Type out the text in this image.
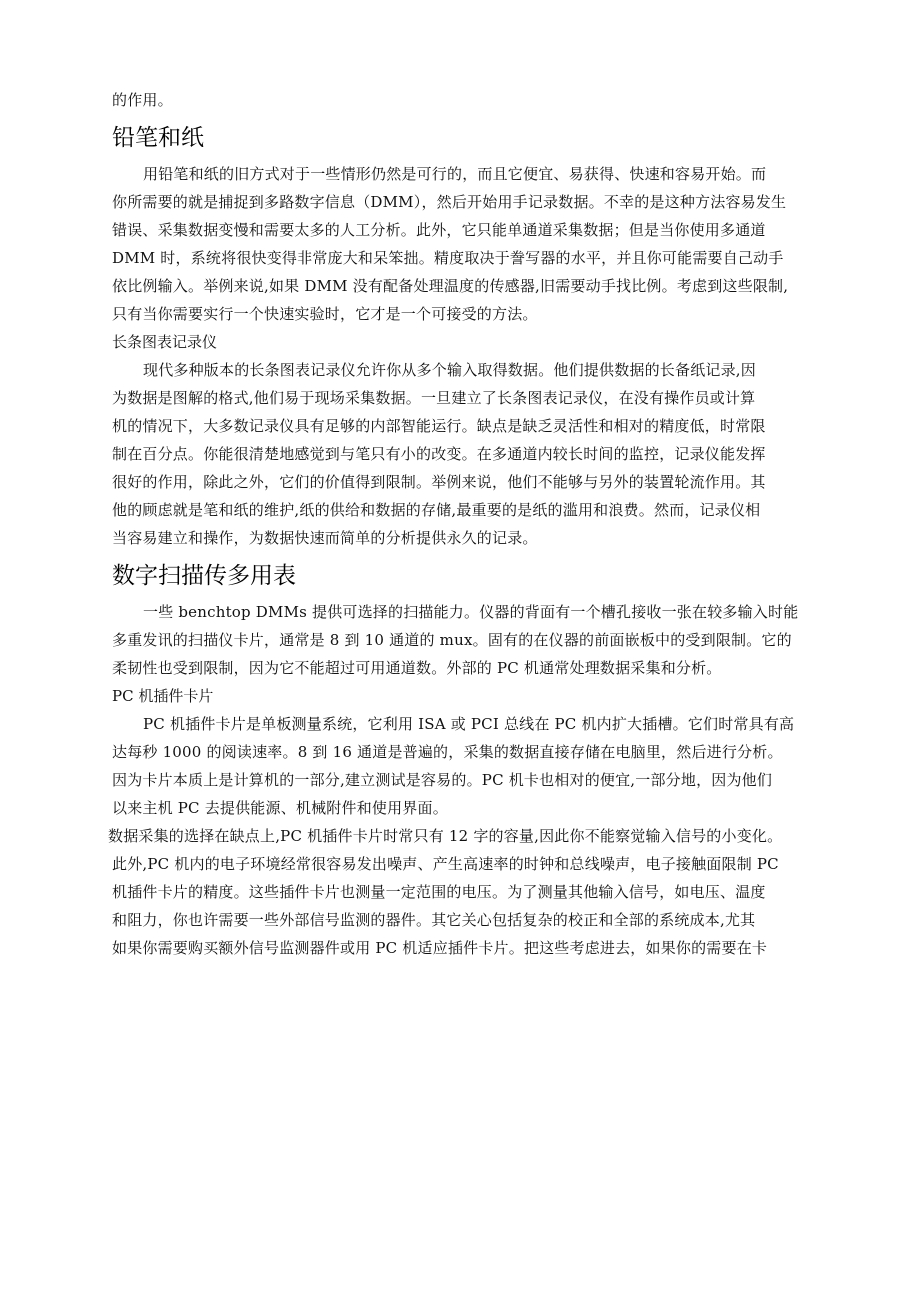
的作用。
铅笔和纸
用铅笔和纸的旧方式对于一些情形仍然是可行的，而且它便宜、易获得、快速和容易开始。而
你所需要的就是捕捉到多路数字信息（DMM），然后开始用手记录数据。不幸的是这种方法容易发生
错误、采集数据变慢和需要太多的人工分析。此外，它只能单通道采集数据；但是当你使用多通道
DMM 时，系统将很快变得非常庞大和呆笨拙。精度取决于誊写器的水平，并且你可能需要自己动手
依比例输入。举例来说,如果 DMM 没有配备处理温度的传感器,旧需要动手找比例。考虑到这些限制,
只有当你需要实行一个快速实验时，它才是一个可接受的方法。
长条图表记录仪
现代多种版本的长条图表记录仪允许你从多个输入取得数据。他们提供数据的长备纸记录,因
为数据是图解的格式,他们易于现场采集数据。一旦建立了长条图表记录仪，在没有操作员或计算
机的情况下，大多数记录仪具有足够的内部智能运行。缺点是缺乏灵活性和相对的精度低，时常限
制在百分点。你能很清楚地感觉到与笔只有小的改变。在多通道内较长时间的监控，记录仪能发挥
很好的作用，除此之外，它们的价值得到限制。举例来说，他们不能够与另外的装置轮流作用。其
他的顾虑就是笔和纸的维护,纸的供给和数据的存储,最重要的是纸的滥用和浪费。然而，记录仪相
当容易建立和操作，为数据快速而简单的分析提供永久的记录。
数字扫描传多用表
一些 benchtop DMMs 提供可选择的扫描能力。仪器的背面有一个槽孔接收一张在较多输入时能
多重发讯的扫描仪卡片，通常是 8 到 10 通道的 mux。固有的在仪器的前面嵌板中的受到限制。它的
柔韧性也受到限制，因为它不能超过可用通道数。外部的 PC 机通常处理数据采集和分析。
PC 机插件卡片
PC 机插件卡片是单板测量系统，它利用 ISA 或 PCI 总线在 PC 机内扩大插槽。它们时常具有高
达每秒 1000 的阅读速率。8 到 16 通道是普遍的，采集的数据直接存储在电脑里，然后进行分析。
因为卡片本质上是计算机的一部分,建立测试是容易的。PC 机卡也相对的便宜,一部分地，因为他们
以来主机 PC 去提供能源、机械附件和使用界面。
数据采集的选择在缺点上,PC 机插件卡片时常只有 12 字的容量,因此你不能察觉输入信号的小变化。
此外,PC 机内的电子环境经常很容易发出噪声、产生高速率的时钟和总线噪声，电子接触面限制 PC
机插件卡片的精度。这些插件卡片也测量一定范围的电压。为了测量其他输入信号，如电压、温度
和阻力，你也许需要一些外部信号监测的器件。其它关心包括复杂的校正和全部的系统成本,尤其
如果你需要购买额外信号监测器件或用 PC 机适应插件卡片。把这些考虑进去，如果你的需要在卡
